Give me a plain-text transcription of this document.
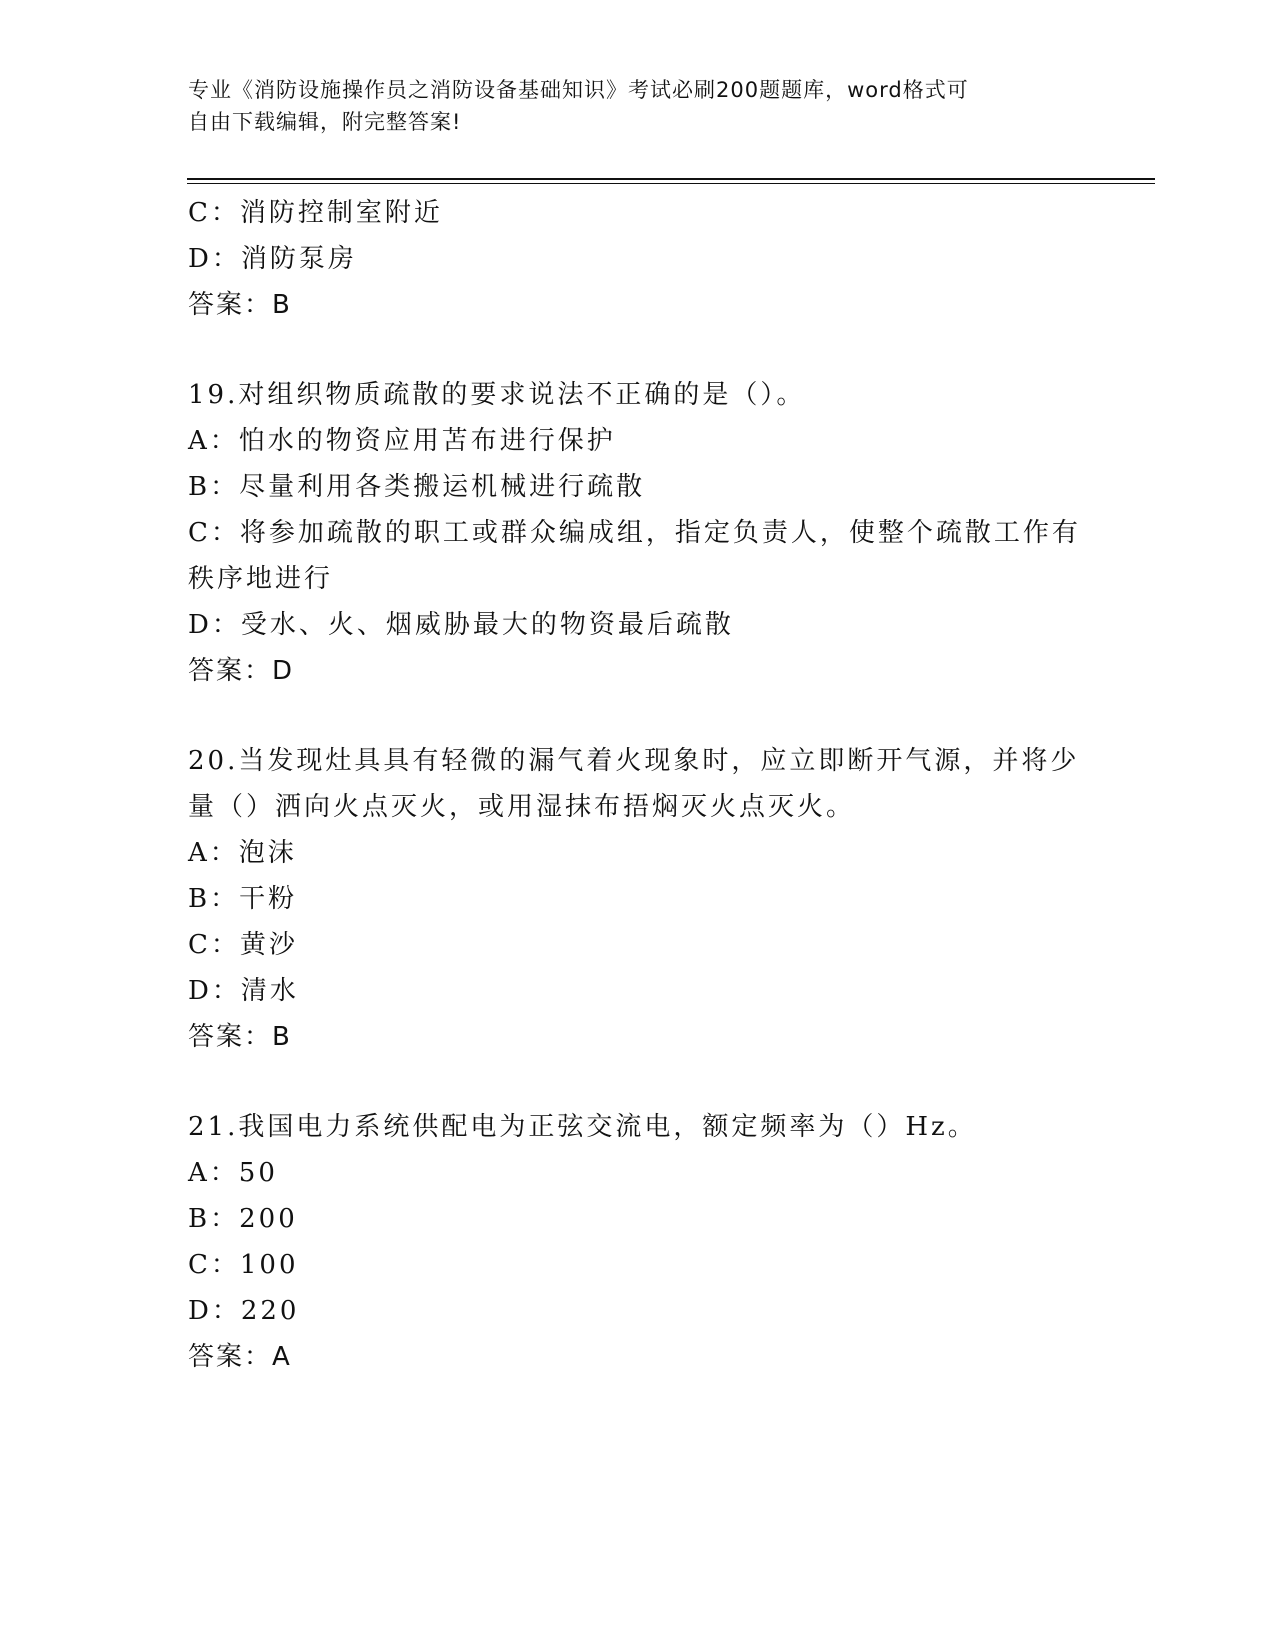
专业《消防设施操作员之消防设备基础知识》考试必刷200题题库，word格式可
自由下载编辑，附完整答案!
C：消防控制室附近
D：消防泵房
答案：B
19.对组织物质疏散的要求说法不正确的是（）。
A：怕水的物资应用苫布进行保护
B：尽量利用各类搬运机械进行疏散
C：将参加疏散的职工或群众编成组，指定负责人，使整个疏散工作有
秩序地进行
D：受水、火、烟威胁最大的物资最后疏散
答案：D
20.当发现灶具具有轻微的漏气着火现象时，应立即断开气源，并将少
量（）洒向火点灭火，或用湿抹布捂焖灭火点灭火。
A：泡沫
B：干粉
C：黄沙
D：清水
答案：B
21.我国电力系统供配电为正弦交流电，额定频率为（）Hz。
A：50
B：200
C：100
D：220
答案：A
